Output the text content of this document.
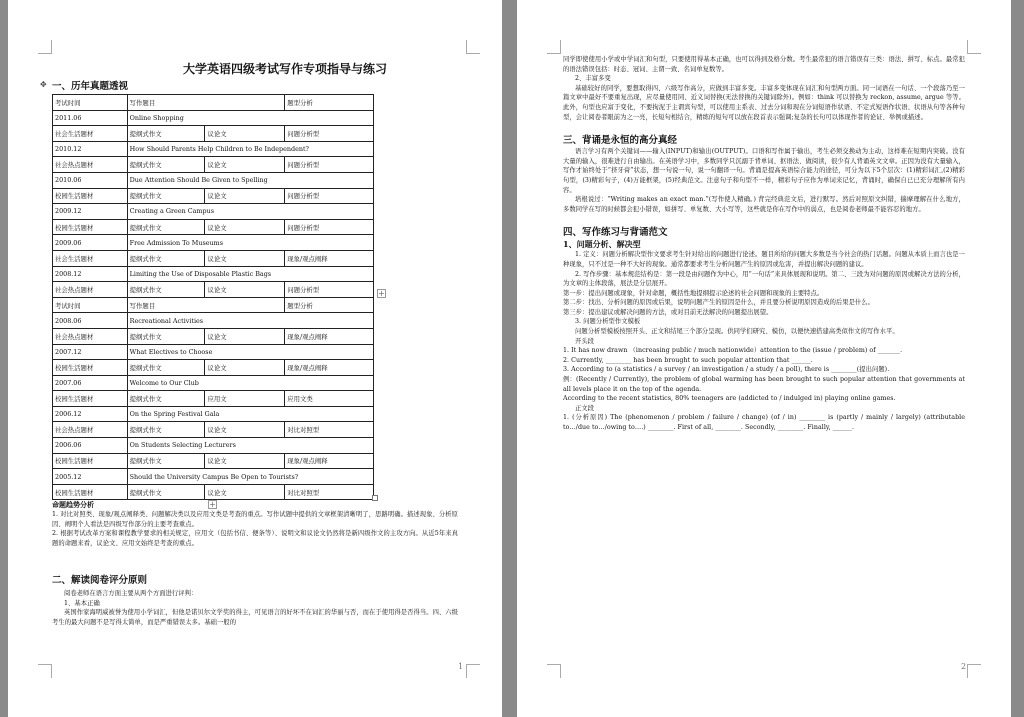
大学英语四级考试写作专项指导与练习
✥ 一、历年真题透视
考试时间	写作题目		题型分析
2011.06	Online Shopping		
社会生活题材	提纲式作文	议论文	问题分析型
2010.12	How Should Parents Help Children to Be Independent?		
社会热点题材	提纲式作文	议论文	问题分析型
2010.06	Due Attention Should Be Given to Spelling		
校园生活题材	提纲式作文	议论文	问题分析型
2009.12	Creating a Green Campus		
校园生活题材	提纲式作文	议论文	问题分析型
2009.06	Free Admission To Museums		
社会生活题材	提纲式作文	议论文	现象/观点阐释
2008.12	Limiting the Use of Disposable Plastic Bags		
社会热点题材	提纲式作文	议论文	问题分析型
考试时间	写作题目		题型分析
2008.06	Recreational Activities		
社会热点题材	提纲式作文	议论文	现象/观点阐释
2007.12	What Electives to Choose		
校园生活题材	提纲式作文	议论文	现象/观点阐释
2007.06	Welcome to Our Club		
校园生活题材	提纲式作文	应用文	应用文类
2006.12	On the Spring Festival Gala		
社会热点题材	提纲式作文	议论文	对比对照型
2006.06	On Students Selecting Lecturers		
校园生活题材	提纲式作文	议论文	现象/观点阐释
2005.12	Should the University Campus Be Open to Tourists?		
校园生活题材	提纲式作文	议论文	对比对照型
+
+
命题趋势分析

1. 对比对照类、现象/观点阐释类、问题解决类以及应用文类是考查的重点。写作试题中提供的文章框架清晰明了，思路明确。描述现象、分析原因、阐明个人看法是四级写作部分的主要考查重点。

2. 根据考试改革方案和课程教学要求的相关规定，应用文（包括书信、便条等）、说明文和议论文仍然将是新四级作文的主攻方向。从近5年来真题的命题来看，议论文、应用文始终是考查的重点。

二、解读阅卷评分原则

阅卷老师在语言方面主要从两个方面进行评判：

1、基本正确

英国作家海明威被誉为使用小学词汇，但他是诺贝尔文学奖的得主，可见语言的好坏不在词汇的华丽与否，而在于使用得是否得当。四、六级考生的最大问题不是写得太简单，而是严重错误太多。基础一般的

1

同学即使使用小学或中学词汇和句型，只要使用得基本正确，也可以得到及格分数。考生最常犯的语言错误有三类：语法、拼写、标点。最常犯的语法错误包括：时态、冠词、主谓一致、名词单复数等。

2、丰富多变

基础较好的同学，要想取得四、六级写作高分，应做到丰富多变。丰富多变体现在词汇和句型两方面。同一词语在一句话、一个段落乃至一篇文章中最好不要重复出现，应尽量使用同、近义词替换(无法替换的关键词除外)。例如：think 可以替换为 reckon, assume, argue 等等。此外，句型也应富于变化，不要拘泥于主谓宾句型，可以使用主系表、过去分词和现在分词短语作状语、不定式短语作状语、状语从句等各种句型，会让阅卷者眼前为之一亮，长短句相结合，精练的短句可以放在段首表示强调;复杂的长句可以体现作者的论证、举例或描述。

三、背诵是永恒的高分真经

语言学习有两个关键词——输入(INPUT)和输出(OUTPUT)。口语和写作属于输出，考生必须交换动为主动，这样难在短期内突破。没有大量的输入，很难进行自由输出。在英语学习中，多数同学只沉溺于背单词、抠语法、做阅读，很少有人背诵英文文章。正因为没有大量输入，写作才始终处于“挤牙膏”状态，想一句说一句，说一句翻译一句。背诵是提高英语综合能力的途径，可分为以下5个层次：(1)精彩词汇,(2)精彩句型，(3)精彩句子，(4)万能框架，(5)经典范文。注意句子和句型不一样，精彩句子应作为单词来记忆，背诵时，确保自已已充分理解所有内容。

培根说过：“Writing makes an exact man.”(写作使人精确。) 背完经典范文后，进行默写。然后对照原文纠错，揣摩理解在什么地方，多数同学在写的时候都会犯小错误，如拼写、单复数、大小写等，这些就是你在写作中的弱点，也是阅卷老师最不能容忍的地方。

四、写作练习与背诵范文
1、问题分析、解决型

1. 定义：问题分析解决型作文要求考生针对给出的问题进行论述。题目所给的问题大多数是当今社会的热门话题。问题从本质上而言也是一种现象，只不过是一种不大好的现象。通常都要求考生分析问题产生的原因或危害，并提出解决问题的建议。

2. 写作步骤：基本规范结构是：第一段是由问题作为中心，用“一句话”来具体展现和说明。第二、三段为对问题的原因或解决方法的分析，为文章的主体段落，展法是分层展开。

第一步：提出问题或现象，针对命题，概括性地提纲提示论述的社会问题和现象的主要特点。

第二步：找出、分析问题的原因或后果，说明问题产生的原因是什么，并且要分析说明原因造成的后果是什么。

第三步：提出建议或解决问题的方法，或对目前无法解决的问题提出展望。

3. 问题分析型作文模板

问题分析型模板按照开头、正文和结尾三个部分呈现。供同学们研究、模仿，以便快速搭建高类似作文的写作水平。

开头段

1. It has now drawn （increasing public / much nationwide）attention to the (issue / problem) of _______.

2. Currently, ________ has been brought to such popular attention that ______.

3. According to (a statistics / a survey / an investigation / a study / a poll), there is ________(提出问题).

例：(Recently / Currently), the problem of global warming has been brought to such popular attention that governments at all levels place it on the top of the agenda.

According to the recent statistics, 80% teenagers are (addicted to / indulged in) playing online games.

正文段

1. (分析原因) The (phenomenon / problem / failure / change) (of / in) ________ is (partly / mainly / largely) (attributable to…/due to…/owing to….) ________. First of all, ________. Secondly, ________. Finally, ______.

2
